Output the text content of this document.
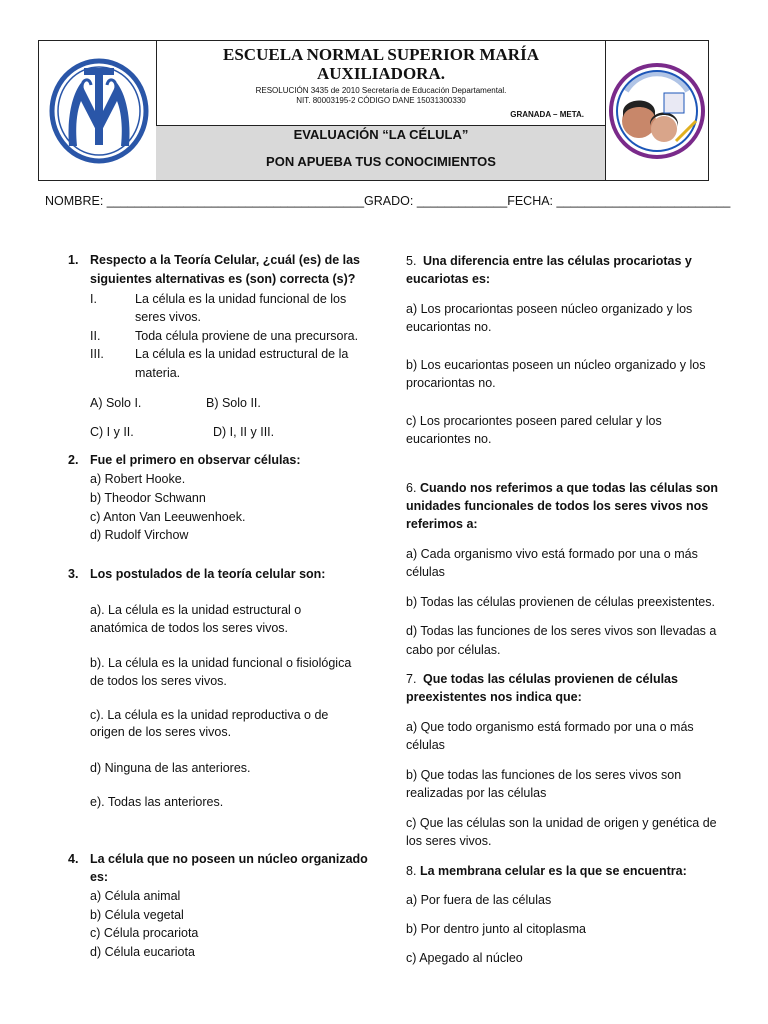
ESCUELA NORMAL SUPERIOR MARÍA
AUXILIADORA.
RESOLUCIÓN 3435 de 2010 Secretaría de Educación Departamental.
NIT. 80003195-2 CÓDIGO DANE 15031300330
GRANADA – META.
EVALUACIÓN “LA CÉLULA”
PON APUEBA TUS CONOCIMIENTOS
NOMBRE: _____________________________________GRADO: _____________FECHA: _________________________
1. Respecto a la Teoría Celular, ¿cuál (es) de las
siguientes alternativas es (son) correcta (s)?
I.	La célula es la unidad funcional de los
seres vivos.
II.	Toda célula proviene de una precursora.
III. La célula es la unidad estructural de la
materia.
A) Solo I.	B) Solo II.
C) I y II.	D) I, II y III.
2. Fue el primero en observar células:
a) Robert Hooke.
b) Theodor Schwann
c) Anton Van Leeuwenhoek.
d) Rudolf Virchow
3. Los postulados de la teoría celular son:
a). La célula es la unidad estructural o
anatómica de todos los seres vivos.
b). La célula es la unidad funcional o fisiológica
de todos los seres vivos.
c). La célula es la unidad reproductiva o de
origen de los seres vivos.
d) Ninguna de las anteriores.
e). Todas las anteriores.
4. La célula que no poseen un núcleo organizado
es:
a) Célula animal
b) Célula vegetal
c) Célula procariota
d) Célula eucariota
5. Una diferencia entre las células procariotas y
eucariotas es:
a) Los procariontas poseen núcleo organizado y los
eucariontas no.
b) Los eucariontas poseen un núcleo organizado y los
procariontas no.
c) Los procariontes poseen pared celular y los
eucariontes no.
6. Cuando nos referimos a que todas las células son
unidades funcionales de todos los seres vivos nos
referimos a:
a) Cada organismo vivo está formado por una o más
células
b) Todas las células provienen de células preexistentes.
d) Todas las funciones de los seres vivos son llevadas a
cabo por células.
7. Que todas las células provienen de células
preexistentes nos indica que:
a) Que todo organismo está formado por una o más
células
b) Que todas las funciones de los seres vivos son
realizadas por las células
c) Que las células son la unidad de origen y genética de
los seres vivos.
8. La membrana celular es la que se encuentra:
a) Por fuera de las células
b) Por dentro junto al citoplasma
c) Apegado al núcleo
